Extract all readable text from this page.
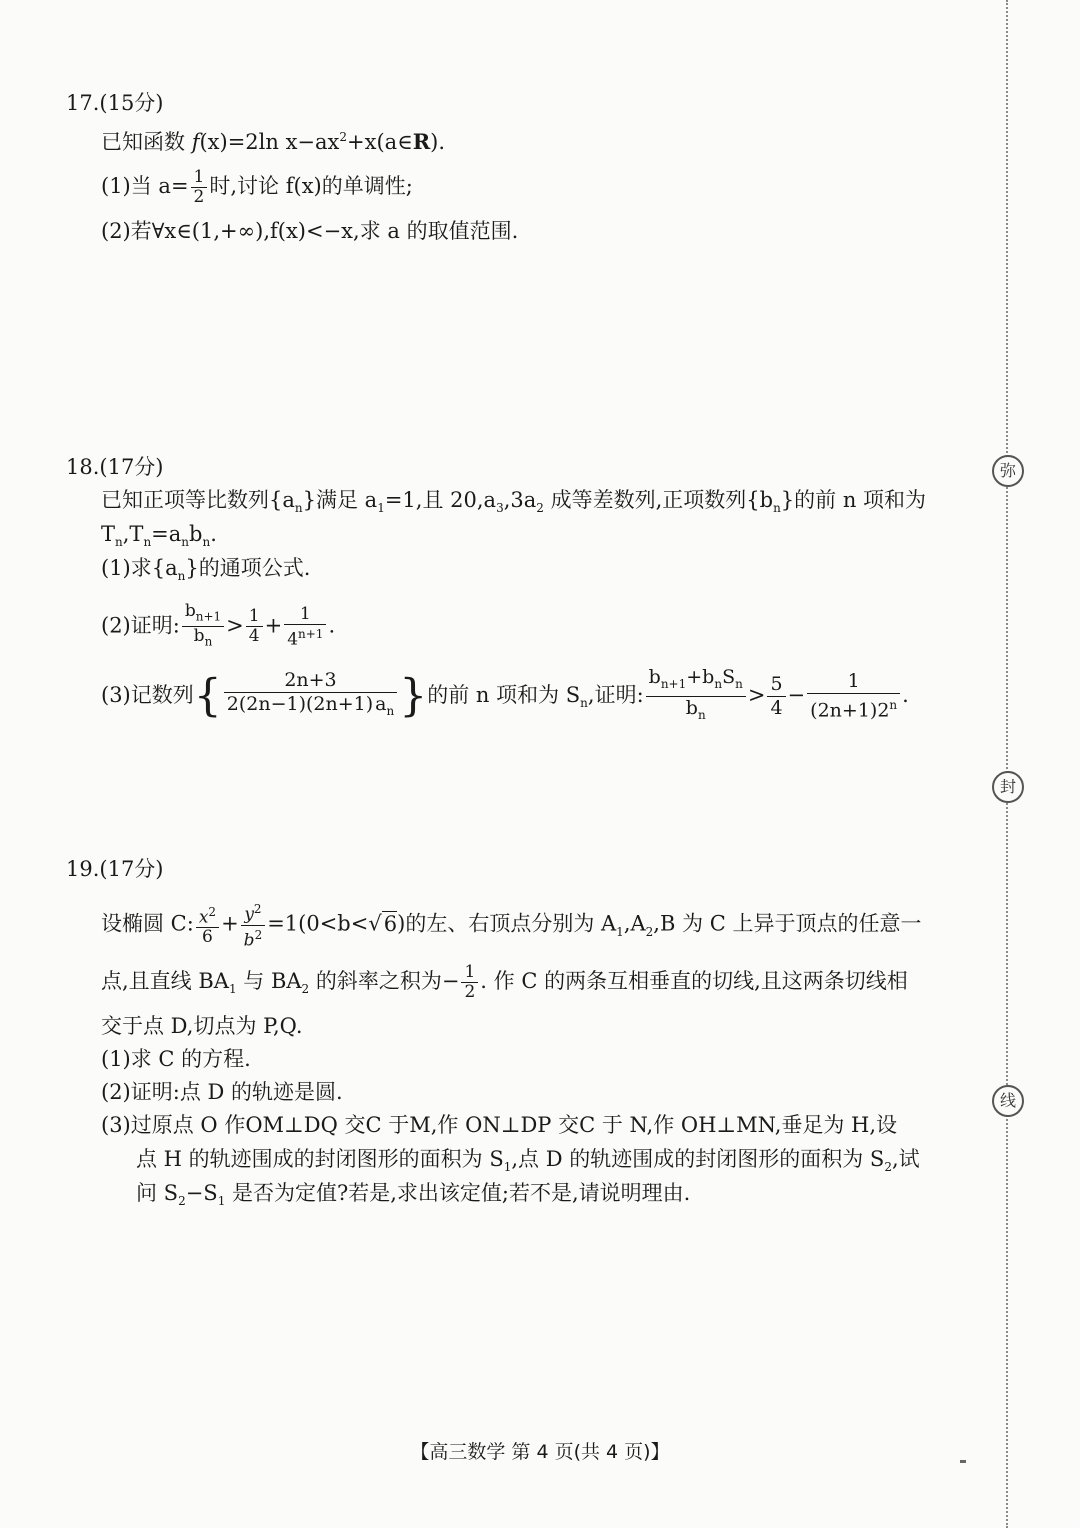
弥
封
线
17.(15分)
已知函数 f(x)=2ln $x-ax^2+x(a\in R)$.
(1)当 $a= \frac{1}{2}$ 时,讨论 f(x)的单调性;
(2)若∀x∈(1,+∞),f(x)<−x,求 a 的取值范围.
18.(17分)
已知正项等比数列$\{a_n\}$满足 $a_1=1$,且 $20,a_3,3a_2$ 成等差数列,正项数列$\{b_n\}$的前 n 项和为
$T_n,T_n=a_nb_n$.
(1)求$\{a_n\}$的通项公式.
(2)证明: $\frac{b_{n+1}}{b_n} > \frac{1}{4} + \frac{1}{4^{n+1}}$ .
(3)记数列{ $\frac{2n+3}{2(2n-1)(2n+1) a_n}$ }的前 n 项和为 $S_n$,证明: $\frac{b_{n+1}+b_nS_n}{b_n} > \frac{5}{4} - \frac{1}{(2n+1)2^n}$ .
19.(17分)
设椭圆 C: $\frac{x^2}{6} + \frac{y^2}{b^2} =1(0<b<√6)$的左、右顶点分别为 $A_1,A_2,B$ 为 C 上异于顶点的任意一
点,且直线 $BA_1$ 与 $BA_2$ 的斜率之积为− $\frac{1}{2}$ . 作 C 的两条互相垂直的切线,且这两条切线相
交于点 D,切点为 P,Q.
(1)求 C 的方程.
(2)证明:点 D 的轨迹是圆.
(3)过原点 O 作OM⊥DQ 交C 于M,作 ON⊥DP 交C 于 N,作 OH⊥MN,垂足为 H,设
点 H 的轨迹围成的封闭图形的面积为 $S_1$,点 D 的轨迹围成的封闭图形的面积为 $S_2$,试
问 $S_2-S_1$ 是否为定值?若是,求出该定值;若不是,请说明理由.
【高三数学 第 4 页(共 4 页)】
